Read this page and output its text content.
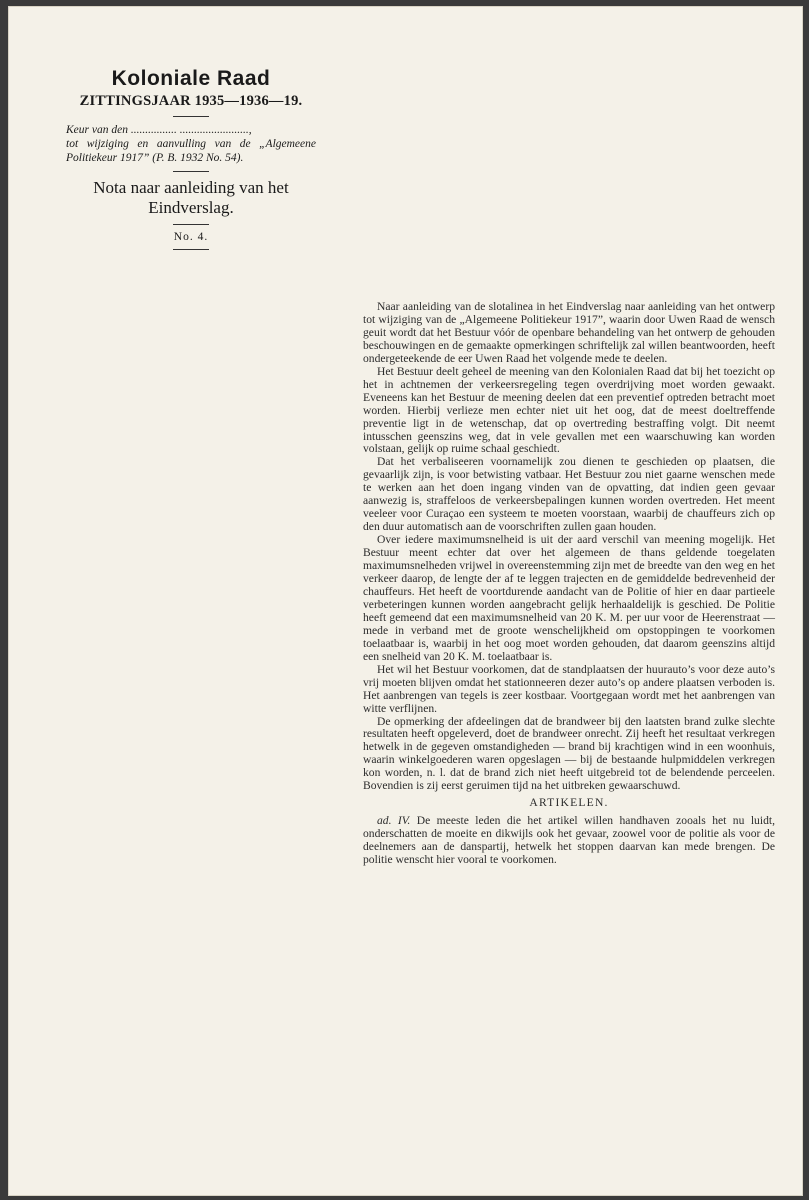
Koloniale Raad
ZITTINGSJAAR 1935—1936—19.
Keur van den ................ ........................,
tot wijziging en aanvulling van de „Algemeene Politiekeur 1917” (P. B. 1932 No. 54).
Nota naar aanleiding van het Eindverslag.
No. 4.

Naar aanleiding van de slotalinea in het Eindverslag naar aanleiding van het ontwerp tot wijziging van de „Algemeene Politiekeur 1917”, waarin door Uwen Raad de wensch geuit wordt dat het Bestuur vóór de openbare behandeling van het ontwerp de gehouden beschouwingen en de gemaakte opmerkingen schriftelijk zal willen beantwoorden, heeft ondergeteekende de eer Uwen Raad het volgende mede te deelen.

Het Bestuur deelt geheel de meening van den Kolonialen Raad dat bij het toezicht op het in achtnemen der verkeersregeling tegen overdrijving moet worden gewaakt. Eveneens kan het Bestuur de meening deelen dat een preventief optreden betracht moet worden. Hierbij verlieze men echter niet uit het oog, dat de meest doeltreffende preventie ligt in de wetenschap, dat op overtreding bestraffing volgt. Dit neemt intusschen geenszins weg, dat in vele gevallen met een waarschuwing kan worden volstaan, gelijk op ruime schaal geschiedt.

Dat het verbaliseeren voornamelijk zou dienen te geschieden op plaatsen, die gevaarlijk zijn, is voor betwisting vatbaar. Het Bestuur zou niet gaarne wenschen mede te werken aan het doen ingang vinden van de opvatting, dat indien geen gevaar aanwezig is, straffeloos de verkeersbepalingen kunnen worden overtreden. Het meent veeleer voor Curaçao een systeem te moeten voorstaan, waarbij de chauffeurs zich op den duur automatisch aan de voorschriften zullen gaan houden.

Over iedere maximumsnelheid is uit der aard verschil van meening mogelijk. Het Bestuur meent echter dat over het algemeen de thans geldende toegelaten maximumsnelheden vrijwel in overeenstemming zijn met de breedte van den weg en het verkeer daarop, de lengte der af te leggen trajecten en de gemiddelde bedrevenheid der chauffeurs. Het heeft de voortdurende aandacht van de Politie of hier en daar partieele verbeteringen kunnen worden aangebracht gelijk herhaaldelijk is geschied. De Politie heeft gemeend dat een maximumsnelheid van 20 K. M. per uur voor de Heerenstraat — mede in verband met de groote wenschelijkheid om opstoppingen te voorkomen toelaatbaar is, waarbij in het oog moet worden gehouden, dat daarom geenszins altijd een snelheid van 20 K. M. toelaatbaar is.

Het wil het Bestuur voorkomen, dat de standplaatsen der huurauto’s voor deze auto’s vrij moeten blijven omdat het stationneeren dezer auto’s op andere plaatsen verboden is. Het aanbrengen van tegels is zeer kostbaar. Voortgegaan wordt met het aanbrengen van witte verflijnen.

De opmerking der afdeelingen dat de brandweer bij den laatsten brand zulke slechte resultaten heeft opgeleverd, doet de brandweer onrecht. Zij heeft het resultaat verkregen hetwelk in de gegeven omstandigheden — brand bij krachtigen wind in een woonhuis, waarin winkelgoederen waren opgeslagen — bij de bestaande hulpmiddelen verkregen kon worden, n. l. dat de brand zich niet heeft uitgebreid tot de belendende perceelen. Bovendien is zij eerst geruimen tijd na het uitbreken gewaarschuwd.

ARTIKELEN.

ad. IV. De meeste leden die het artikel willen handhaven zooals het nu luidt, onderschatten de moeite en dikwijls ook het gevaar, zoowel voor de politie als voor de deelnemers aan de danspartij, hetwelk het stoppen daarvan kan mede brengen. De politie wenscht hier vooral te voorkomen.
